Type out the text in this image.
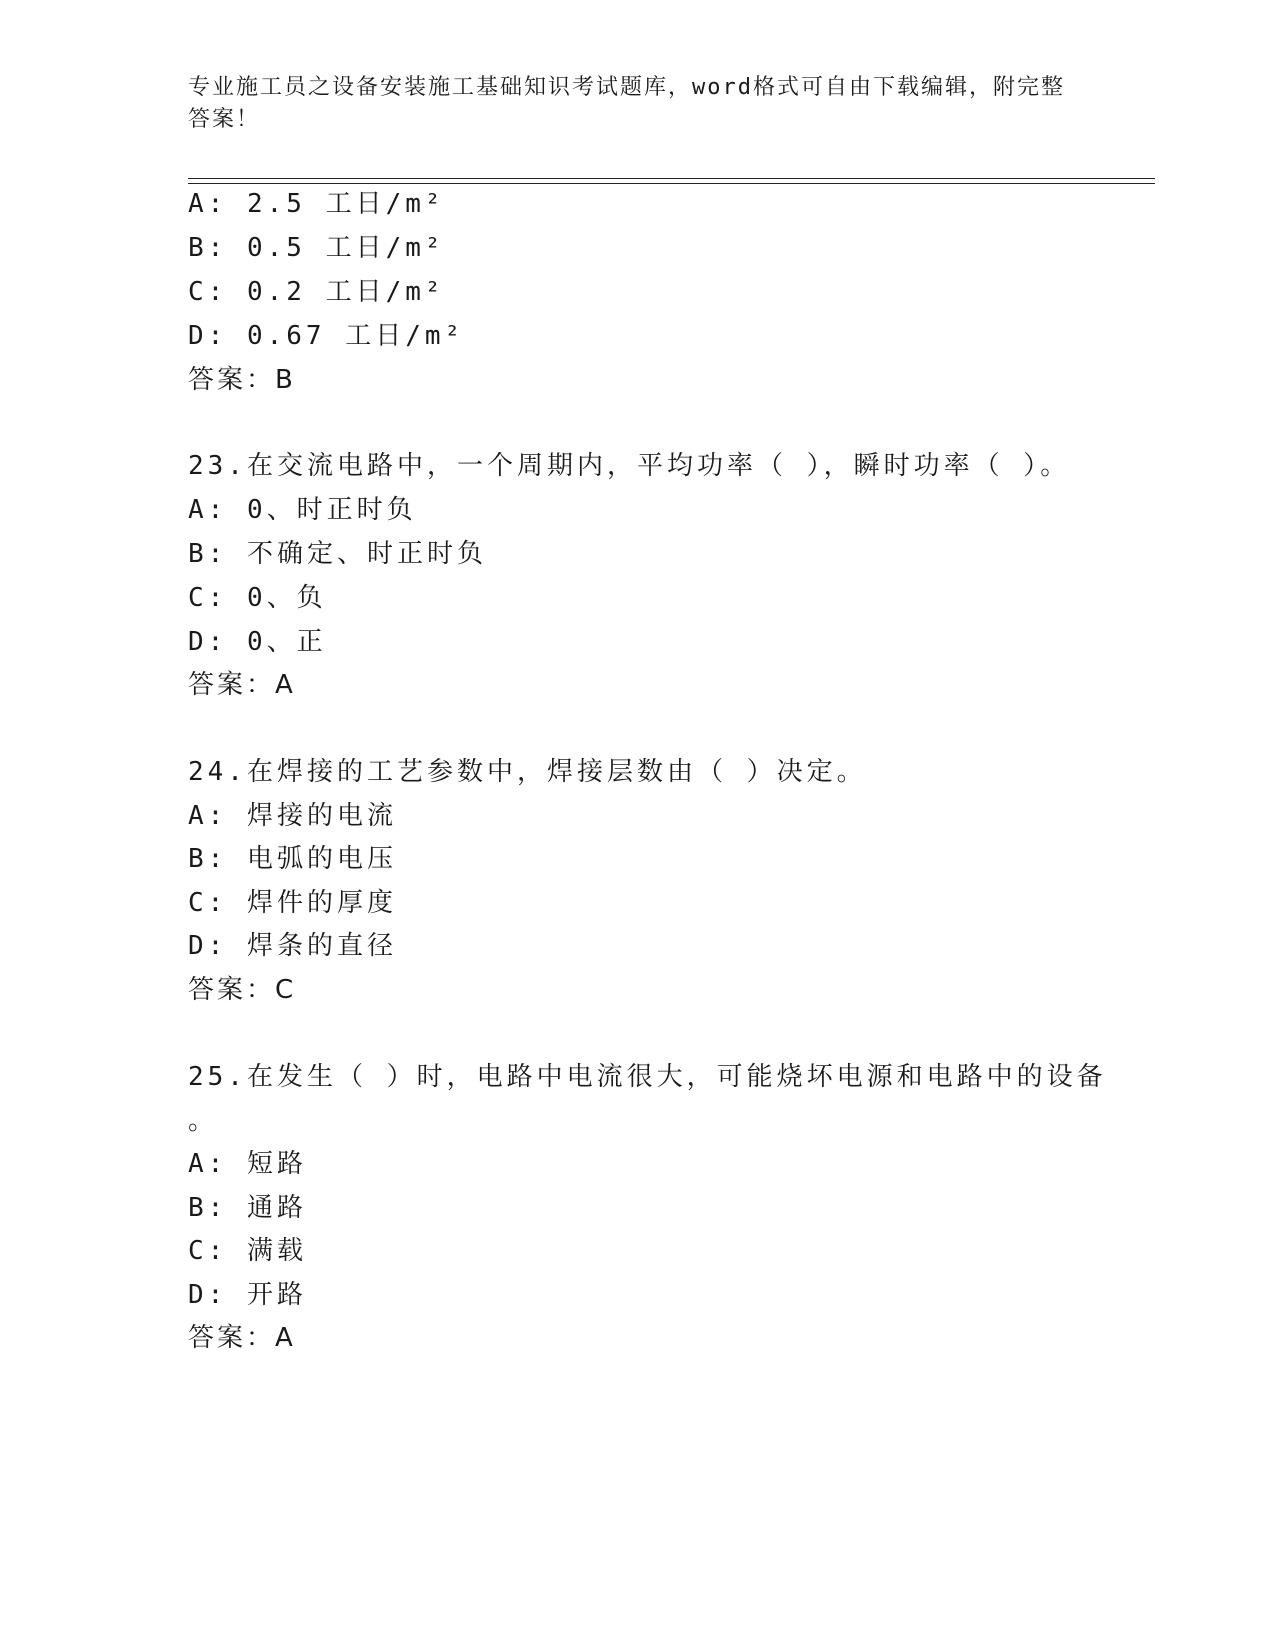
专业施工员之设备安装施工基础知识考试题库，word格式可自由下载编辑，附完整答案！
A: 2.5 工日/m²
B: 0.5 工日/m²
C: 0.2 工日/m²
D: 0.67 工日/m²
答案：B
23.在交流电路中，一个周期内，平均功率（ ），瞬时功率（ ）。
A: 0、时正时负
B: 不确定、时正时负
C: 0、负
D: 0、正
答案：A
24.在焊接的工艺参数中，焊接层数由（ ）决定。
A: 焊接的电流
B: 电弧的电压
C: 焊件的厚度
D: 焊条的直径
答案：C
25.在发生（ ）时，电路中电流很大，可能烧坏电源和电路中的设备
。
A: 短路
B: 通路
C: 满载
D: 开路
答案：A
